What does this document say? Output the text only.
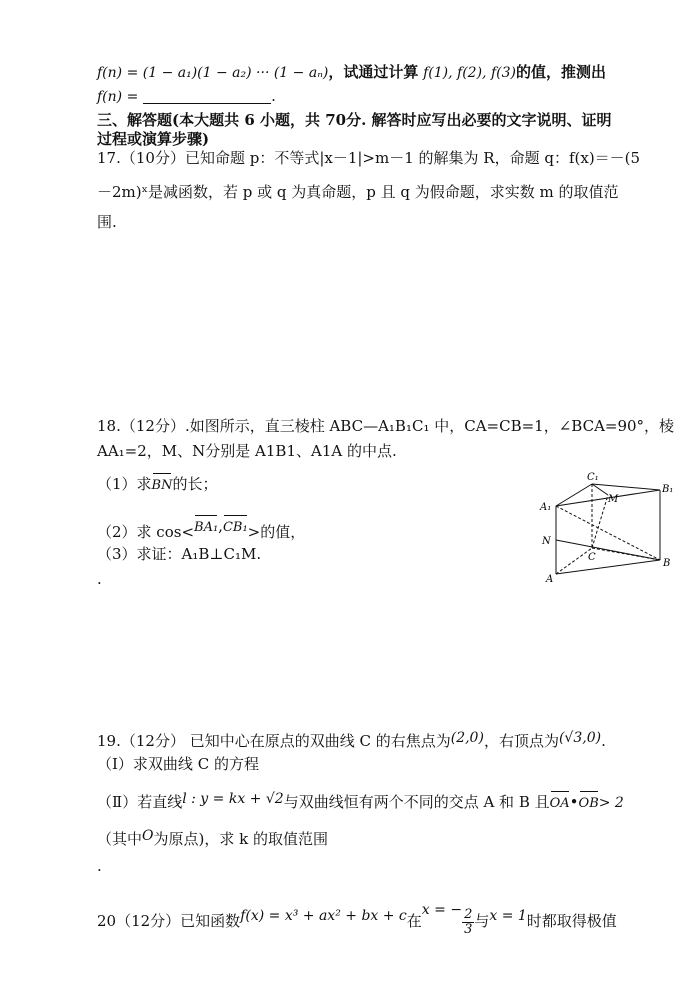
f(n) = (1 − a₁)(1 − a₂) ··· (1 − aₙ)，试通过计算 f(1), f(2), f(3)的值，推测出
f(n) =	.
三、解答题(本大题共 6 小题，共 70分. 解答时应写出必要的文字说明、证明
过程或演算步骤)
17.（10分）已知命题 p：不等式|x－1|>m－1 的解集为 R，命题 q：f(x)＝－(5
－2m)ˣ是减函数，若 p 或 q 为真命题，p 且 q 为假命题，求实数 m 的取值范
围.
18.（12分）.如图所示，直三棱柱 ABC—A₁B₁C₁ 中，CA=CB=1，∠BCA=90°，棱
AA₁=2，M、N分别是 A1B1、A1A 的中点.
（1）求BN的长；
（2）求 cos<BA₁,CB₁>的值，
（3）求证：A₁B⊥C₁M.
.
C₁
M
B₁
A₁
N
C
A
B
19.（12分） 已知中心在原点的双曲线 C 的右焦点为(2,0)，右顶点为(√3,0).
（Ⅰ）求双曲线 C 的方程
（Ⅱ）若直线l : y = kx + √2与双曲线恒有两个不同的交点 A 和 B 且OA•OB> 2
（其中O为原点)，求 k 的取值范围
.
20（12分）已知函数f(x) = x³ + ax² + bx + c在x = − $\frac{2}{3}$ 与x = 1时都取得极值
